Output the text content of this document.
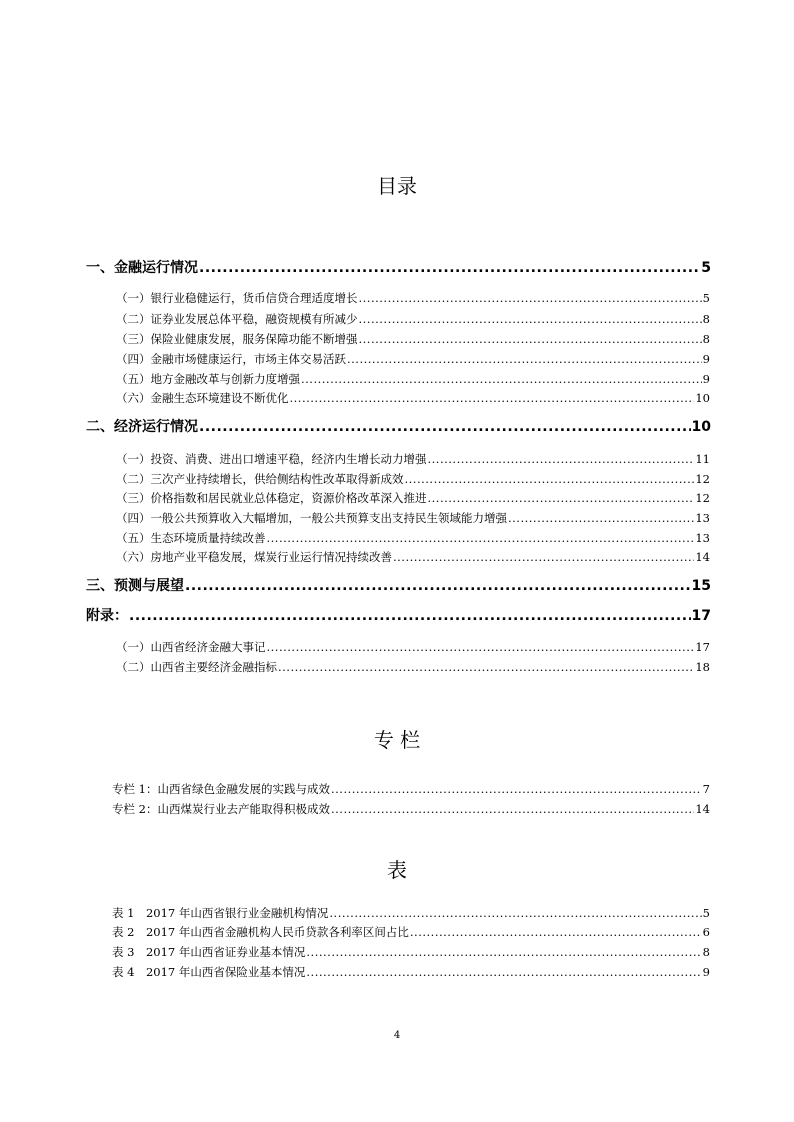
目录
一、金融运行情况 .....	5
（一）银行业稳健运行，货币信贷合理适度增长 .....	5
（二）证券业发展总体平稳，融资规模有所减少 .....	8
（三）保险业健康发展，服务保障功能不断增强 .....	8
（四）金融市场健康运行，市场主体交易活跃 .....	9
（五）地方金融改革与创新力度增强 .....	9
（六）金融生态环境建设不断优化 .....	10
二、经济运行情况 .....	10
（一）投资、消费、进出口增速平稳，经济内生增长动力增强 .....	11
（二）三次产业持续增长，供给侧结构性改革取得新成效 .....	12
（三）价格指数和居民就业总体稳定，资源价格改革深入推进 .....	12
（四）一般公共预算收入大幅增加，一般公共预算支出支持民生领域能力增强 .....	13
（五）生态环境质量持续改善 .....	13
（六）房地产业平稳发展，煤炭行业运行情况持续改善 .....	14
三、预测与展望 .....	15
附录： .....	17
（一）山西省经济金融大事记 .....	17
（二）山西省主要经济金融指标 .....	18
专 栏
专栏 1：山西省绿色金融发展的实践与成效 .....	7
专栏 2：山西煤炭行业去产能取得积极成效 .....	14
表
表 1　2017 年山西省银行业金融机构情况 .....	5
表 2　2017 年山西省金融机构人民币贷款各利率区间占比 .....	6
表 3　2017 年山西省证券业基本情况 .....	8
表 4　2017 年山西省保险业基本情况 .....	9
4
